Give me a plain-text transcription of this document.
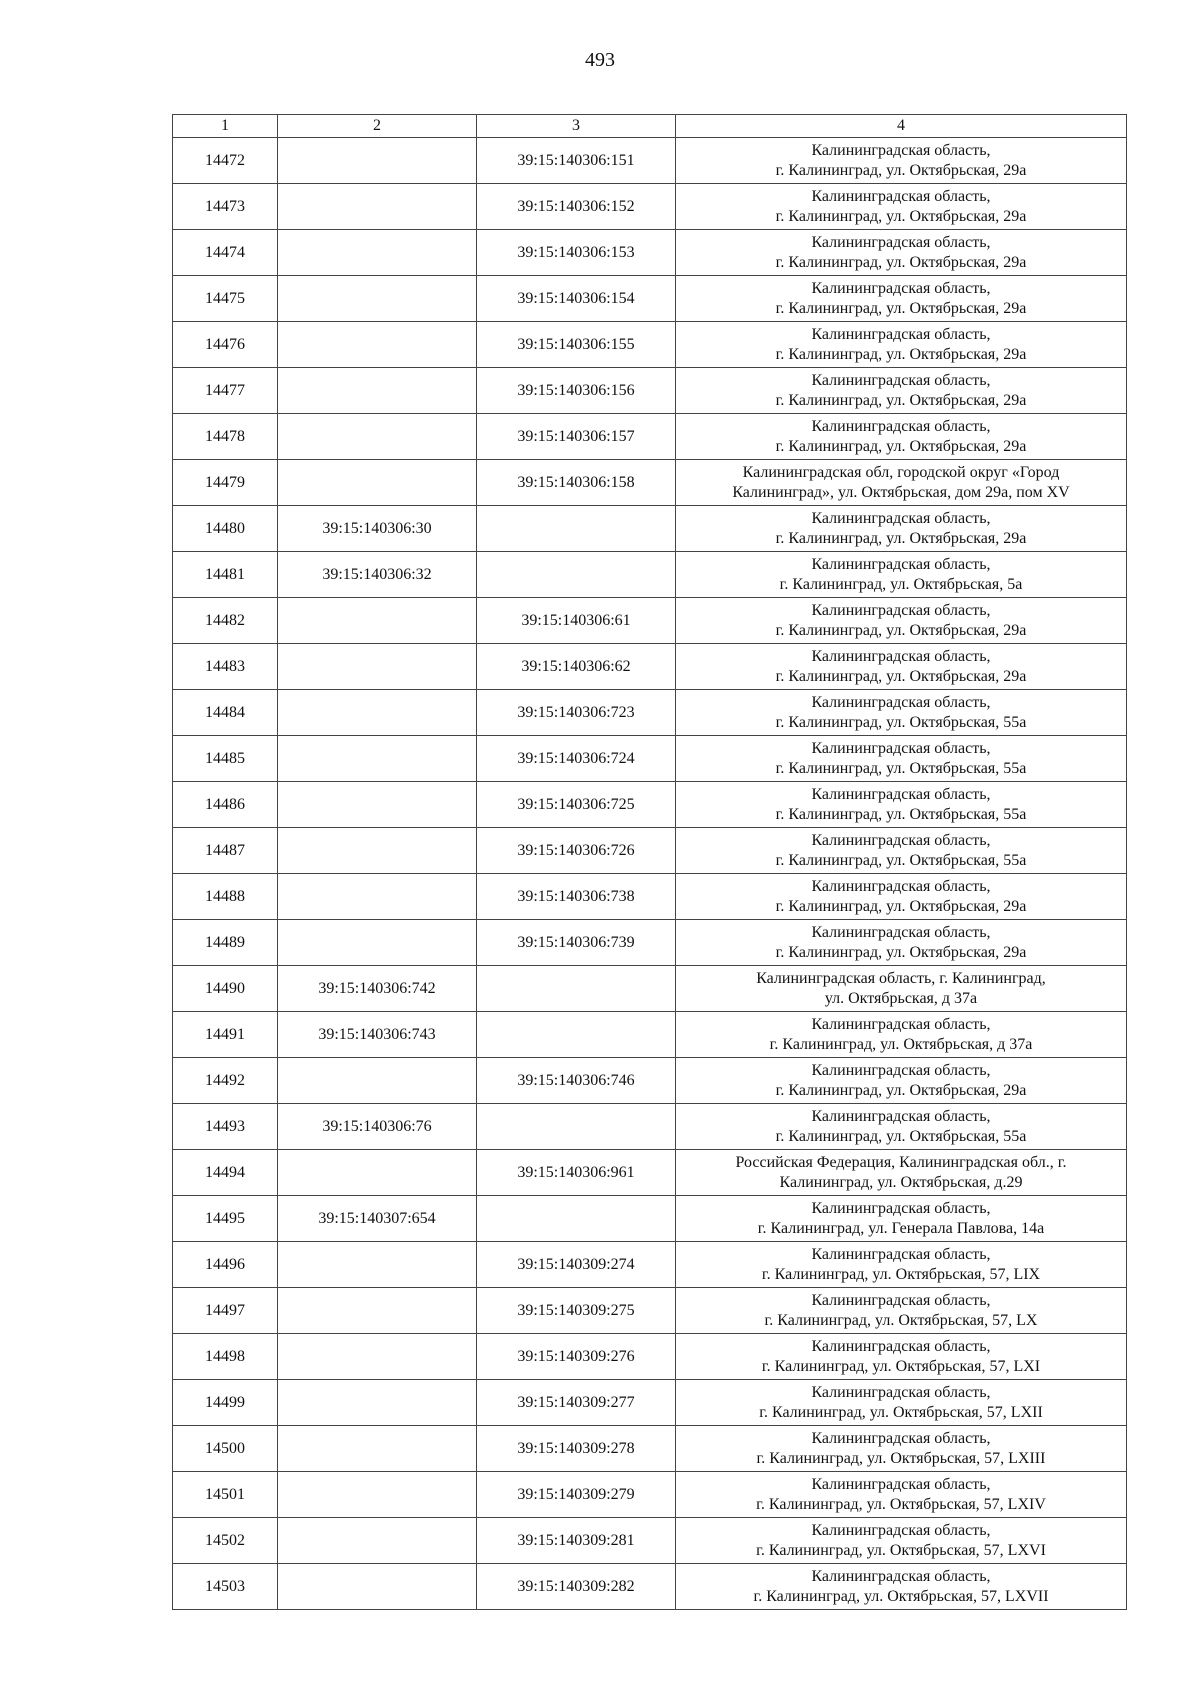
493
1	2	3	4
14472		39:15:140306:151	Калининградская область,
г. Калининград, ул. Октябрьская, 29а

14473		39:15:140306:152	Калининградская область,
г. Калининград, ул. Октябрьская, 29а

14474		39:15:140306:153	Калининградская область,
г. Калининград, ул. Октябрьская, 29а

14475		39:15:140306:154	Калининградская область,
г. Калининград, ул. Октябрьская, 29а

14476		39:15:140306:155	Калининградская область,
г. Калининград, ул. Октябрьская, 29а

14477		39:15:140306:156	Калининградская область,
г. Калининград, ул. Октябрьская, 29а

14478		39:15:140306:157	Калининградская область,
г. Калининград, ул. Октябрьская, 29а

14479		39:15:140306:158	Калининградская обл, городской округ «Город
Калининград», ул. Октябрьская, дом 29а, пом XV

14480	39:15:140306:30		Калининградская область,
г. Калининград, ул. Октябрьская, 29а

14481	39:15:140306:32		Калининградская область,
г. Калининград, ул. Октябрьская, 5а

14482		39:15:140306:61	Калининградская область,
г. Калининград, ул. Октябрьская, 29а

14483		39:15:140306:62	Калининградская область,
г. Калининград, ул. Октябрьская, 29а

14484		39:15:140306:723	Калининградская область,
г. Калининград, ул. Октябрьская, 55а

14485		39:15:140306:724	Калининградская область,
г. Калининград, ул. Октябрьская, 55а

14486		39:15:140306:725	Калининградская область,
г. Калининград, ул. Октябрьская, 55а

14487		39:15:140306:726	Калининградская область,
г. Калининград, ул. Октябрьская, 55а

14488		39:15:140306:738	Калининградская область,
г. Калининград, ул. Октябрьская, 29а

14489		39:15:140306:739	Калининградская область,
г. Калининград, ул. Октябрьская, 29а

14490	39:15:140306:742		Калининградская область, г. Калининград,
ул. Октябрьская, д 37а

14491	39:15:140306:743		Калининградская область,
г. Калининград, ул. Октябрьская, д 37а

14492		39:15:140306:746	Калининградская область,
г. Калининград, ул. Октябрьская, 29а

14493	39:15:140306:76		Калининградская область,
г. Калининград, ул. Октябрьская, 55а

14494		39:15:140306:961	Российская Федерация, Калининградская обл., г.
Калининград, ул. Октябрьская, д.29

14495	39:15:140307:654		Калининградская область,
г. Калининград, ул. Генерала Павлова, 14а

14496		39:15:140309:274	Калининградская область,
г. Калининград, ул. Октябрьская, 57, LIX

14497		39:15:140309:275	Калининградская область,
г. Калининград, ул. Октябрьская, 57, LX

14498		39:15:140309:276	Калининградская область,
г. Калининград, ул. Октябрьская, 57, LXI

14499		39:15:140309:277	Калининградская область,
г. Калининград, ул. Октябрьская, 57, LXII

14500		39:15:140309:278	Калининградская область,
г. Калининград, ул. Октябрьская, 57, LXIII

14501		39:15:140309:279	Калининградская область,
г. Калининград, ул. Октябрьская, 57, LXIV

14502		39:15:140309:281	Калининградская область,
г. Калининград, ул. Октябрьская, 57, LXVI

14503		39:15:140309:282	Калининградская область,
г. Калининград, ул. Октябрьская, 57, LXVII
